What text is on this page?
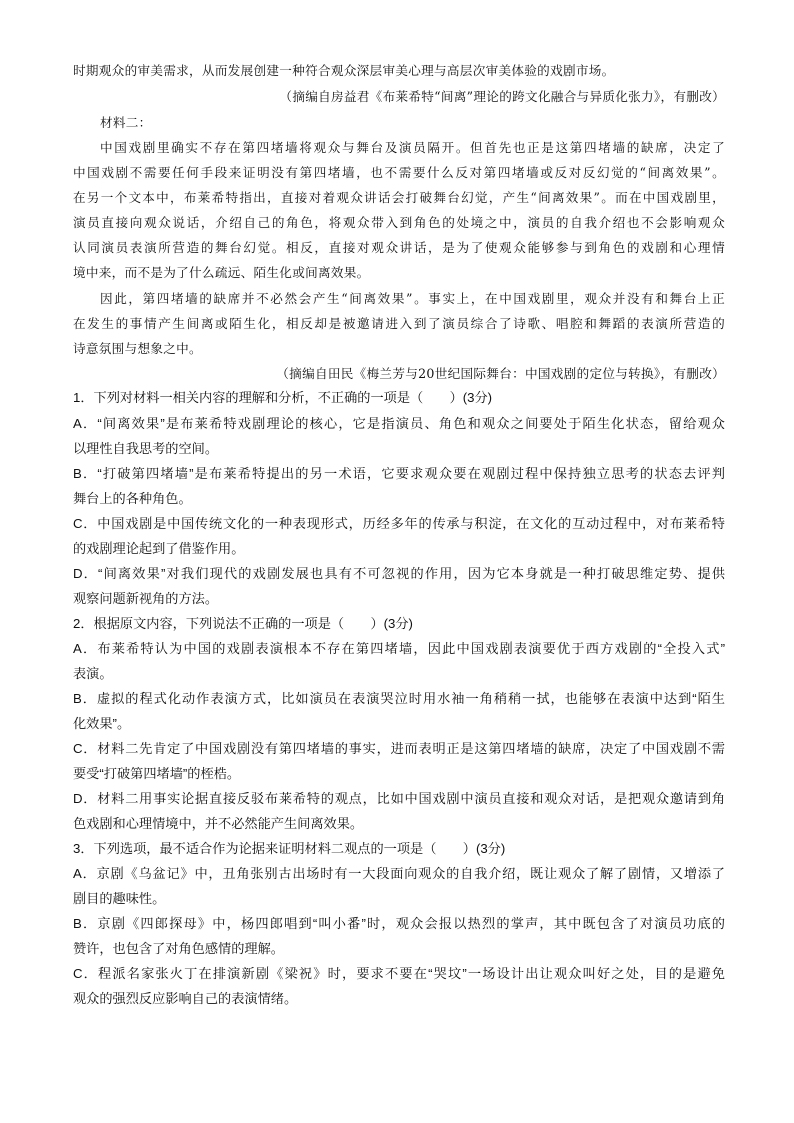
时期观众的审美需求，从而发展创建一种符合观众深层审美心理与高层次审美体验的戏剧市场。
（摘编自房益君《布莱希特“间离”理论的跨文化融合与异质化张力》，有删改）
材料二：
中国戏剧里确实不存在第四堵墙将观众与舞台及演员隔开。但首先也正是这第四堵墙的缺席，决定了
中国戏剧不需要任何手段来证明没有第四堵墙，也不需要什么反对第四堵墙或反对反幻觉的“间离效果”。
在另一个文本中，布莱希特指出，直接对着观众讲话会打破舞台幻觉，产生“间离效果”。而在中国戏剧里，
演员直接向观众说话，介绍自己的角色，将观众带入到角色的处境之中，演员的自我介绍也不会影响观众
认同演员表演所营造的舞台幻觉。相反，直接对观众讲话，是为了使观众能够参与到角色的戏剧和心理情
境中来，而不是为了什么疏远、陌生化或间离效果。
因此，第四堵墙的缺席并不必然会产生“间离效果”。事实上，在中国戏剧里，观众并没有和舞台上正
在发生的事情产生间离或陌生化，相反却是被邀请进入到了演员综合了诗歌、唱腔和舞蹈的表演所营造的
诗意氛围与想象之中。
（摘编自田民《梅兰芳与20世纪国际舞台：中国戏剧的定位与转换》，有删改）
1．下列对材料一相关内容的理解和分析，不正确的一项是（　　）(3分)
A．“间离效果”是布莱希特戏剧理论的核心，它是指演员、角色和观众之间要处于陌生化状态，留给观众
以理性自我思考的空间。
B．“打破第四堵墙”是布莱希特提出的另一术语，它要求观众要在观剧过程中保持独立思考的状态去评判
舞台上的各种角色。
C．中国戏剧是中国传统文化的一种表现形式，历经多年的传承与积淀，在文化的互动过程中，对布莱希特
的戏剧理论起到了借鉴作用。
D．“间离效果”对我们现代的戏剧发展也具有不可忽视的作用，因为它本身就是一种打破思维定势、提供
观察问题新视角的方法。
2．根据原文内容，下列说法不正确的一项是（　　）(3分)
A．布莱希特认为中国的戏剧表演根本不存在第四堵墙，因此中国戏剧表演要优于西方戏剧的“全投入式”
表演。
B．虚拟的程式化动作表演方式，比如演员在表演哭泣时用水袖一角稍稍一拭，也能够在表演中达到“陌生
化效果”。
C．材料二先肯定了中国戏剧没有第四堵墙的事实，进而表明正是这第四堵墙的缺席，决定了中国戏剧不需
要受“打破第四堵墙”的桎梏。
D．材料二用事实论据直接反驳布莱希特的观点，比如中国戏剧中演员直接和观众对话，是把观众邀请到角
色戏剧和心理情境中，并不必然能产生间离效果。
3．下列选项，最不适合作为论据来证明材料二观点的一项是（　　）(3分)
A．京剧《乌盆记》中，丑角张别古出场时有一大段面向观众的自我介绍，既让观众了解了剧情，又增添了
剧目的趣味性。
B．京剧《四郎探母》中，杨四郎唱到“叫小番”时，观众会报以热烈的掌声，其中既包含了对演员功底的
赞许，也包含了对角色感情的理解。
C．程派名家张火丁在排演新剧《梁祝》时，要求不要在“哭坟”一场设计出让观众叫好之处，目的是避免
观众的强烈反应影响自己的表演情绪。
